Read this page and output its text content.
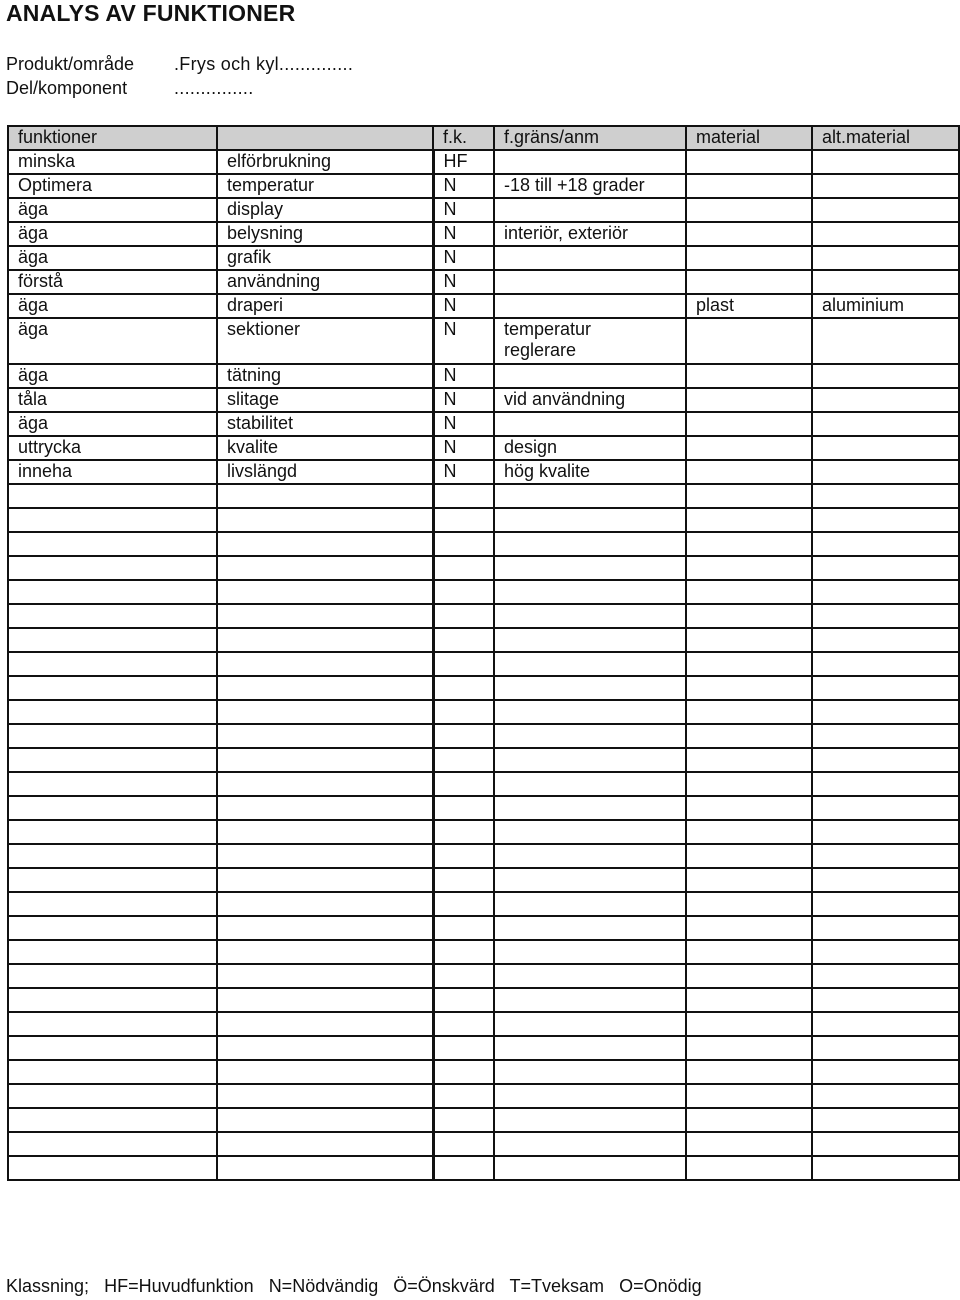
ANALYS AV FUNKTIONER
Produkt/område .Frys och kyl..............
Del/komponent	...............
funktioner		f.k.	f.gräns/anm	material	alt.material
minska	elförbrukning	HF			
Optimera	temperatur	N	-18 till +18 grader		
äga	display	N			
äga	belysning	N	interiör, exteriör		
äga	grafik	N			
förstå	användning	N			
äga	draperi	N		plast	aluminium
äga	sektioner	N	temperatur
reglerare		

äga	tätning	N			
tåla	slitage	N	vid användning		
äga	stabilitet	N			
uttrycka	kvalite	N	design		
inneha	livslängd	N	hög kvalite		

Klassning; HF=Huvudfunktion N=Nödvändig Ö=Önskvärd T=Tveksam O=Onödig
